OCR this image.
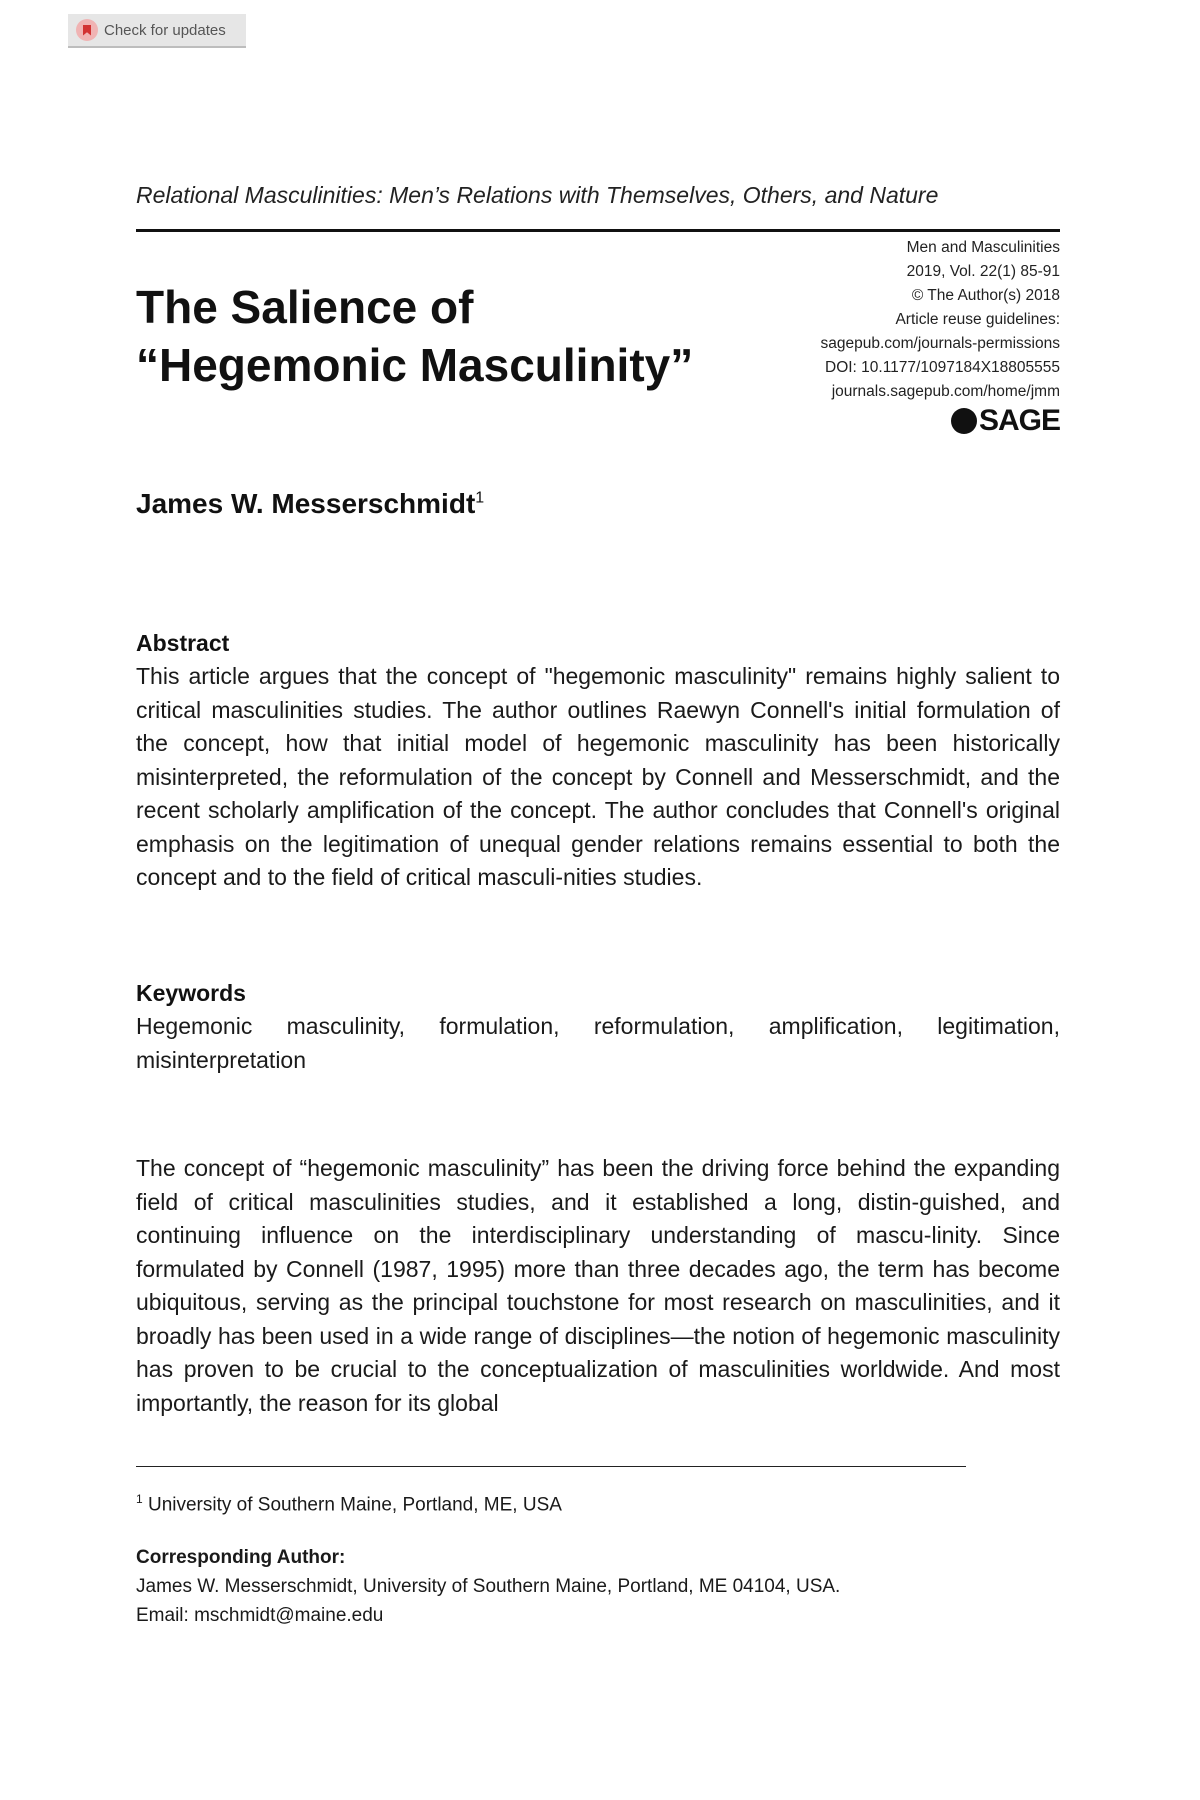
Check for updates
Relational Masculinities: Men’s Relations with Themselves, Others, and Nature
The Salience of
“Hegemonic Masculinity”
Men and Masculinities
2019, Vol. 22(1) 85-91
© The Author(s) 2018
Article reuse guidelines:
sagepub.com/journals-permissions
DOI: 10.1177/1097184X18805555
journals.sagepub.com/home/jmm
SAGE
James W. Messerschmidt$^1$
Abstract

This article argues that the concept of "hegemonic masculinity" remains highly salient to critical masculinities studies. The author outlines Raewyn Connell's initial formulation of the concept, how that initial model of hegemonic masculinity has been historically misinterpreted, the reformulation of the concept by Connell and Messerschmidt, and the recent scholarly amplification of the concept. The author concludes that Connell's original emphasis on the legitimation of unequal gender relations remains essential to both the concept and to the field of critical masculi-nities studies.

Keywords

Hegemonic masculinity, formulation, reformulation, amplification, legitimation, misinterpretation

The concept of “hegemonic masculinity” has been the driving force behind the expanding field of critical masculinities studies, and it established a long, distin-guished, and continuing influence on the interdisciplinary understanding of mascu-linity. Since formulated by Connell (1987, 1995) more than three decades ago, the term has become ubiquitous, serving as the principal touchstone for most research on masculinities, and it broadly has been used in a wide range of disciplines—the notion of hegemonic masculinity has proven to be crucial to the conceptualization of masculinities worldwide. And most importantly, the reason for its global

$^1$ University of Southern Maine, Portland, ME, USA
Corresponding Author:
James W. Messerschmidt, University of Southern Maine, Portland, ME 04104, USA.
Email: mschmidt@maine.edu
